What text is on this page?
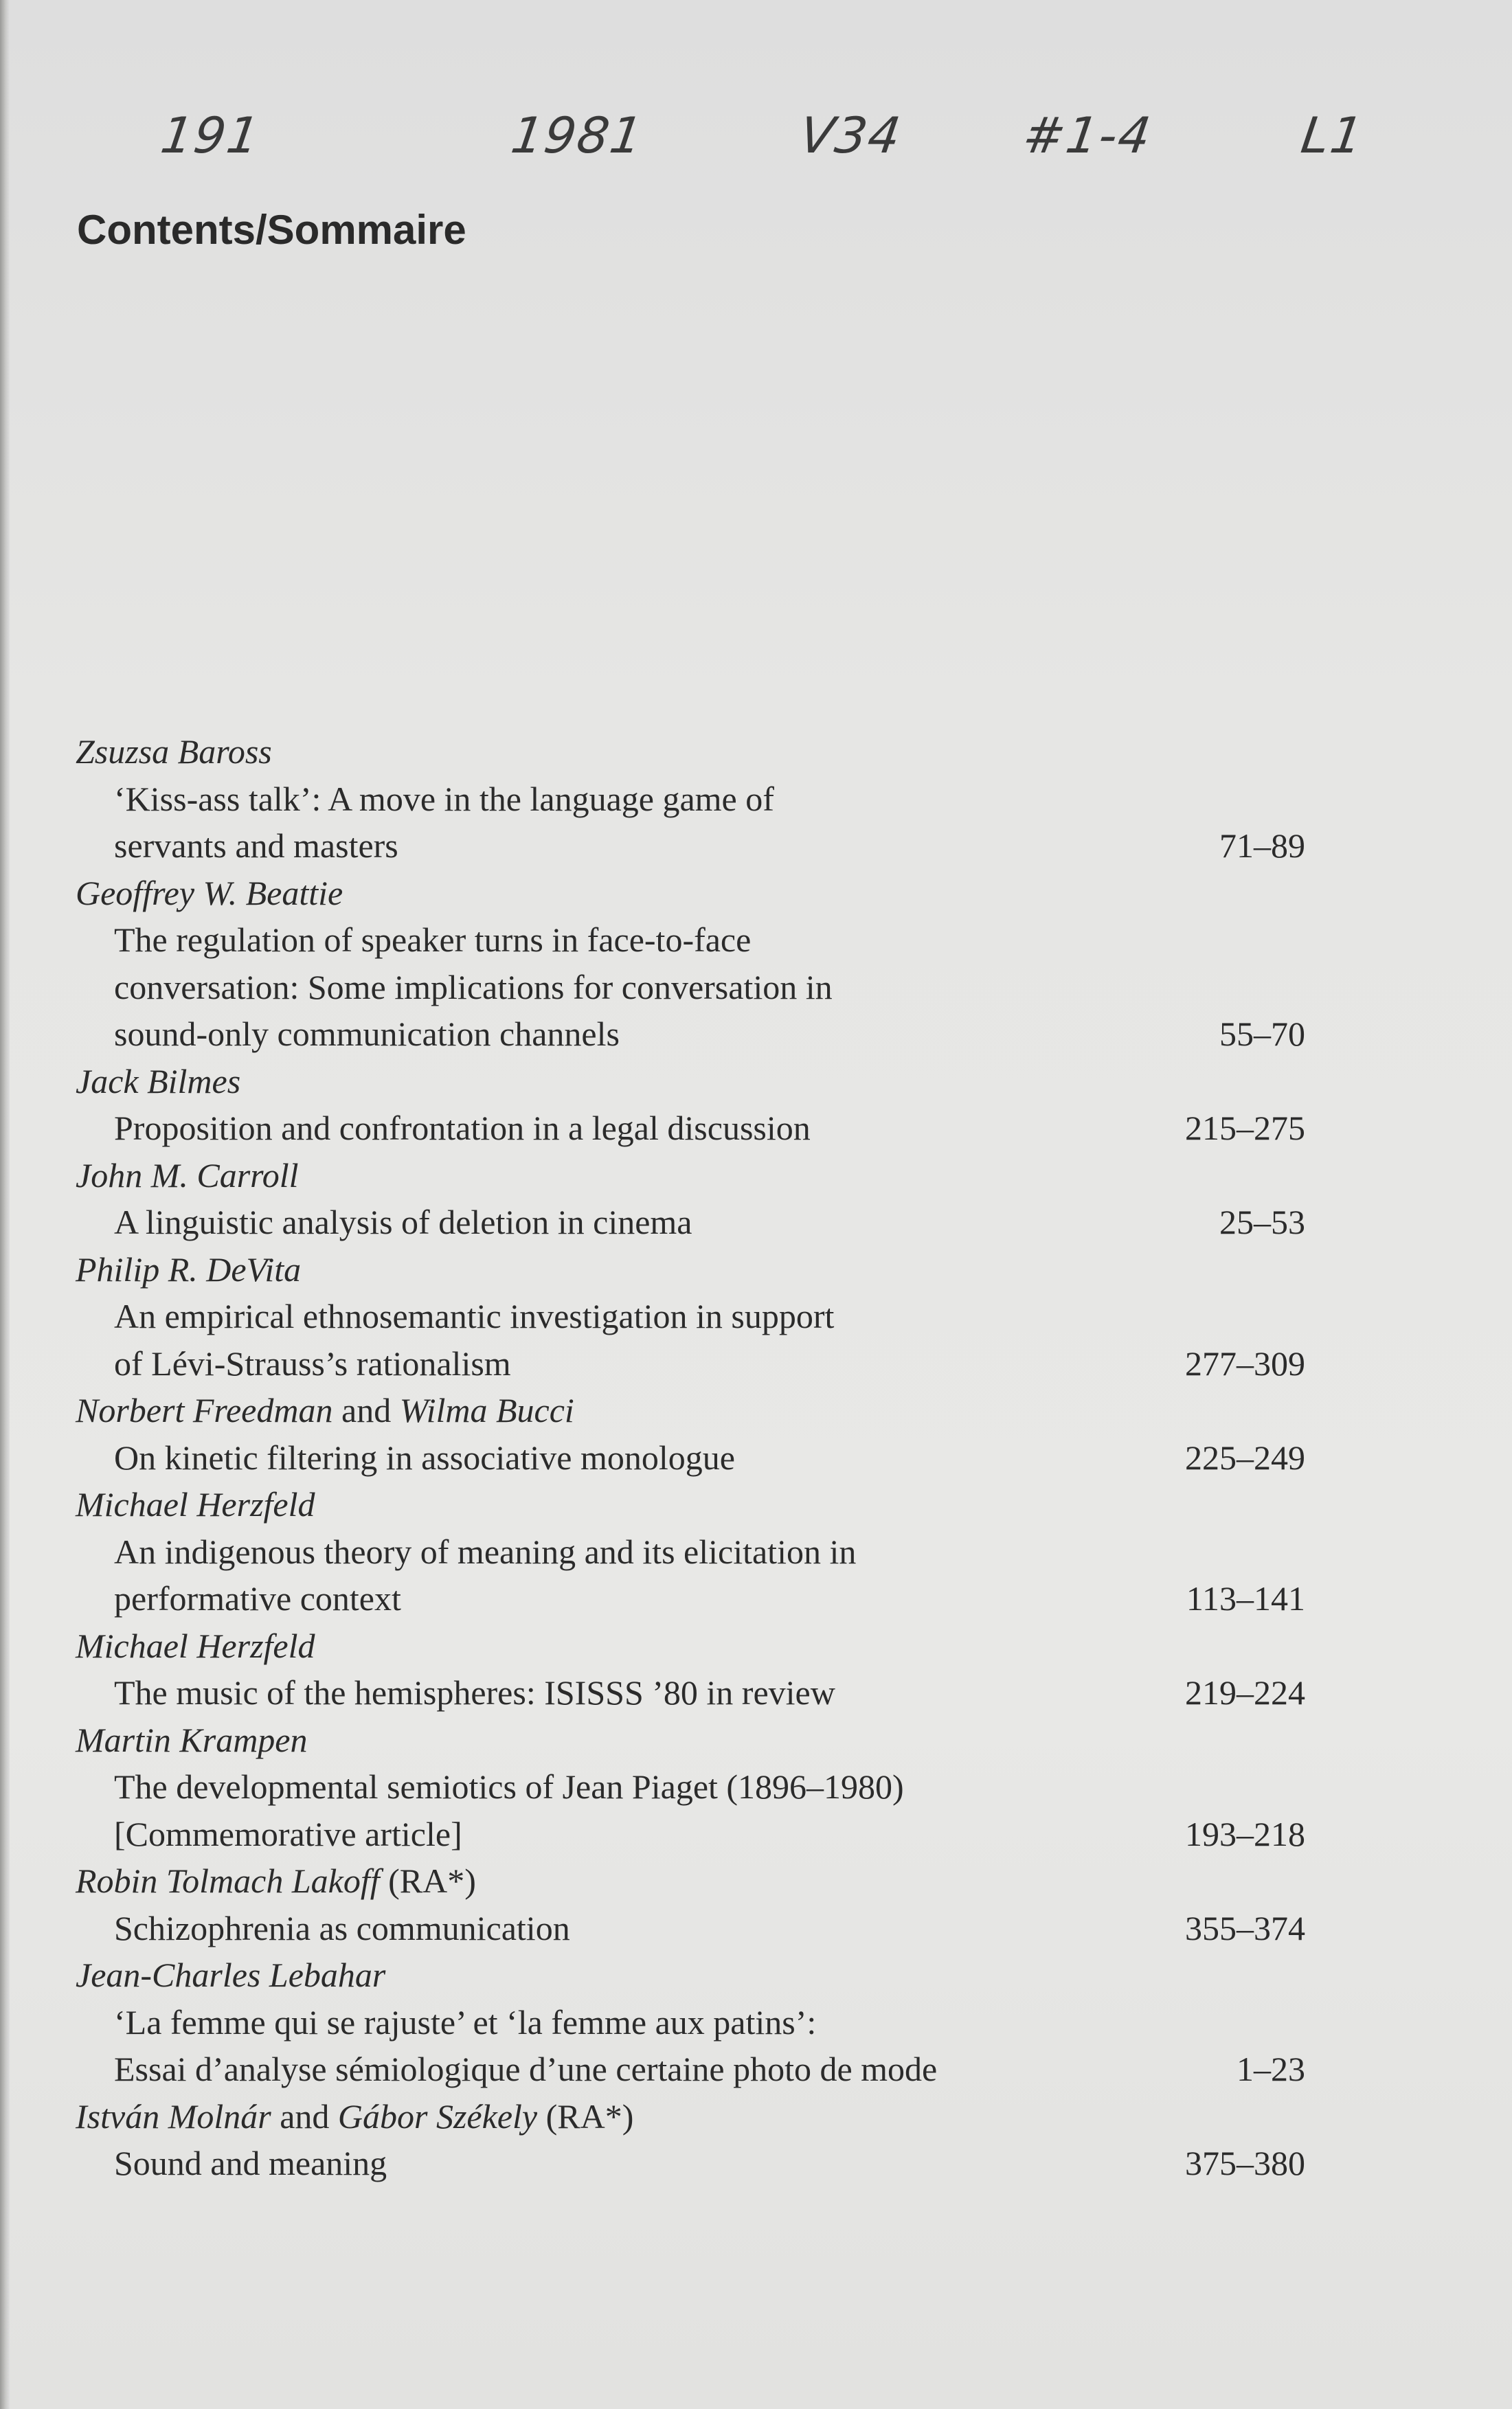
191	1981	V34 #1-4	L1
Contents/Sommaire
Zsuzsa Baross
‘Kiss-ass talk’: A move in the language game of
servants and masters	71–89
Geoffrey W. Beattie
The regulation of speaker turns in face-to-face
conversation: Some implications for conversation in
sound-only communication channels	55–70
Jack Bilmes
Proposition and confrontation in a legal discussion	215–275
John M. Carroll
A linguistic analysis of deletion in cinema	25–53
Philip R. DeVita
An empirical ethnosemantic investigation in support
of Lévi-Strauss’s rationalism	277–309
Norbert Freedman and Wilma Bucci
On kinetic filtering in associative monologue	225–249
Michael Herzfeld
An indigenous theory of meaning and its elicitation in
performative context	113–141
Michael Herzfeld
The music of the hemispheres: ISISSS ’80 in review	219–224
Martin Krampen
The developmental semiotics of Jean Piaget (1896–1980)
[Commemorative article]	193–218
Robin Tolmach Lakoff (RA*)
Schizophrenia as communication	355–374
Jean-Charles Lebahar
‘La femme qui se rajuste’ et ‘la femme aux patins’:
Essai d’analyse sémiologique d’une certaine photo de mode	1–23
István Molnár and Gábor Székely (RA*)
Sound and meaning	375–380
